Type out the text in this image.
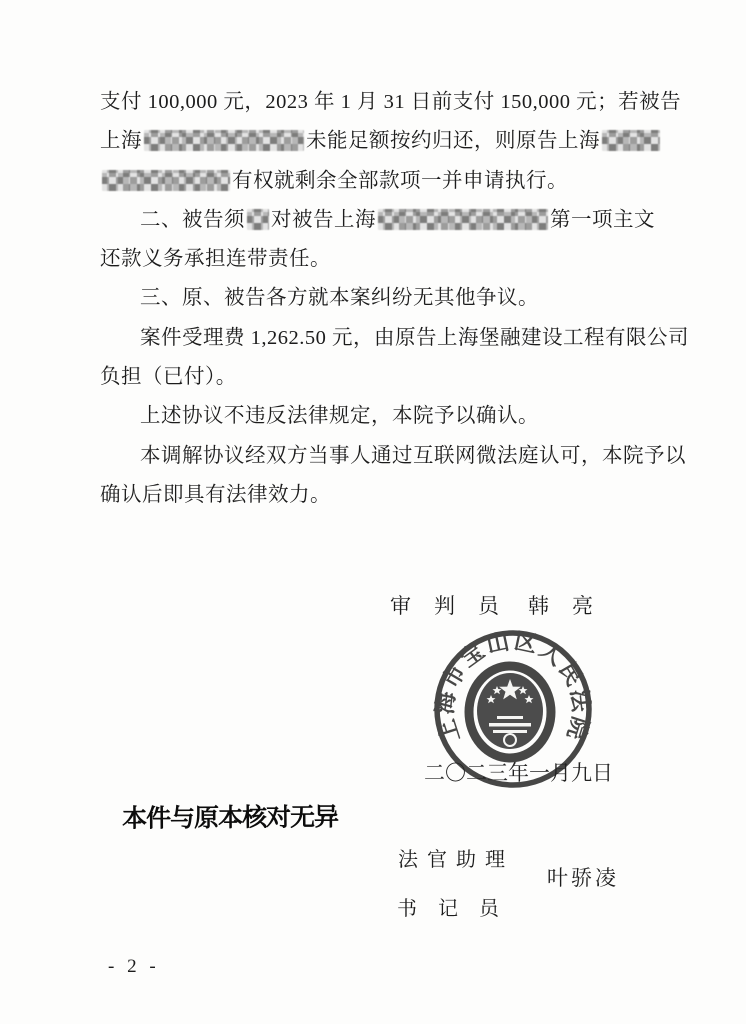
支付 100,000 元，2023 年 1 月 31 日前支付 150,000 元；若被告
上海	未能足额按约归还，则原告上海
有权就剩余全部款项一并申请执行。
二、被告须 对被告上海	第一项主文
还款义务承担连带责任。
三、原、被告各方就本案纠纷无其他争议。
案件受理费 1,262.50 元，由原告上海堡融建设工程有限公司
负担（已付）。
上述协议不违反法律规定，本院予以确认。
本调解协议经双方当事人通过互联网微法庭认可，本院予以
确认后即具有法律效力。
审判员 韩亮
上海市宝山区人民法院
二〇二三年一月九日
本件与原本核对无异
法官助理
叶骄凌
书记员
- 2 -
